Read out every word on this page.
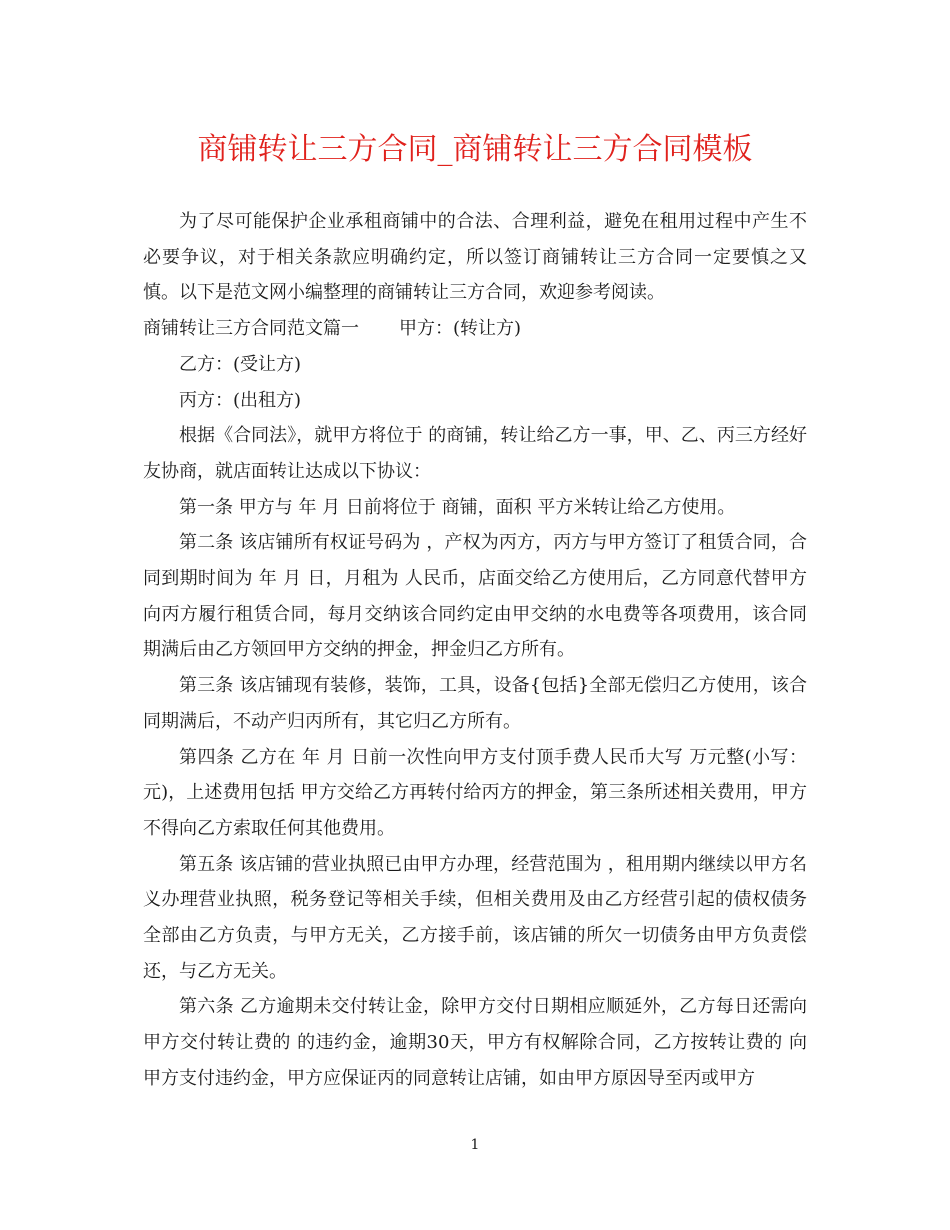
商铺转让三方合同_商铺转让三方合同模板

为了尽可能保护企业承租商铺中的合法、合理利益，避免在租用过程中产生不必要争议，对于相关条款应明确约定，所以签订商铺转让三方合同一定要慎之又慎。以下是范文网小编整理的商铺转让三方合同，欢迎参考阅读。

商铺转让三方合同范文篇一 甲方：(转让方)

乙方：(受让方)

丙方：(出租方)

根据《合同法》，就甲方将位于 的商铺，转让给乙方一事，甲、乙、丙三方经好友协商，就店面转让达成以下协议：

第一条 甲方与 年 月 日前将位于 商铺，面积 平方米转让给乙方使用。

第二条 该店铺所有权证号码为 ，产权为丙方，丙方与甲方签订了租赁合同，合同到期时间为 年 月 日，月租为 人民币，店面交给乙方使用后，乙方同意代替甲方向丙方履行租赁合同，每月交纳该合同约定由甲交纳的水电费等各项费用，该合同期满后由乙方领回甲方交纳的押金，押金归乙方所有。

第三条 该店铺现有装修，装饰，工具，设备{包括}全部无偿归乙方使用，该合同期满后，不动产归丙所有，其它归乙方所有。

第四条 乙方在 年 月 日前一次性向甲方支付顶手费人民币大写 万元整(小写： 元)，上述费用包括 甲方交给乙方再转付给丙方的押金，第三条所述相关费用，甲方不得向乙方索取任何其他费用。

第五条 该店铺的营业执照已由甲方办理，经营范围为 ，租用期内继续以甲方名义办理营业执照，税务登记等相关手续，但相关费用及由乙方经营引起的债权债务全部由乙方负责，与甲方无关，乙方接手前，该店铺的所欠一切债务由甲方负责偿还，与乙方无关。

第六条 乙方逾期未交付转让金，除甲方交付日期相应顺延外，乙方每日还需向甲方交付转让费的 的违约金，逾期30天，甲方有权解除合同，乙方按转让费的 向甲方支付违约金，甲方应保证丙的同意转让店铺，如由甲方原因导至丙或甲方

1
